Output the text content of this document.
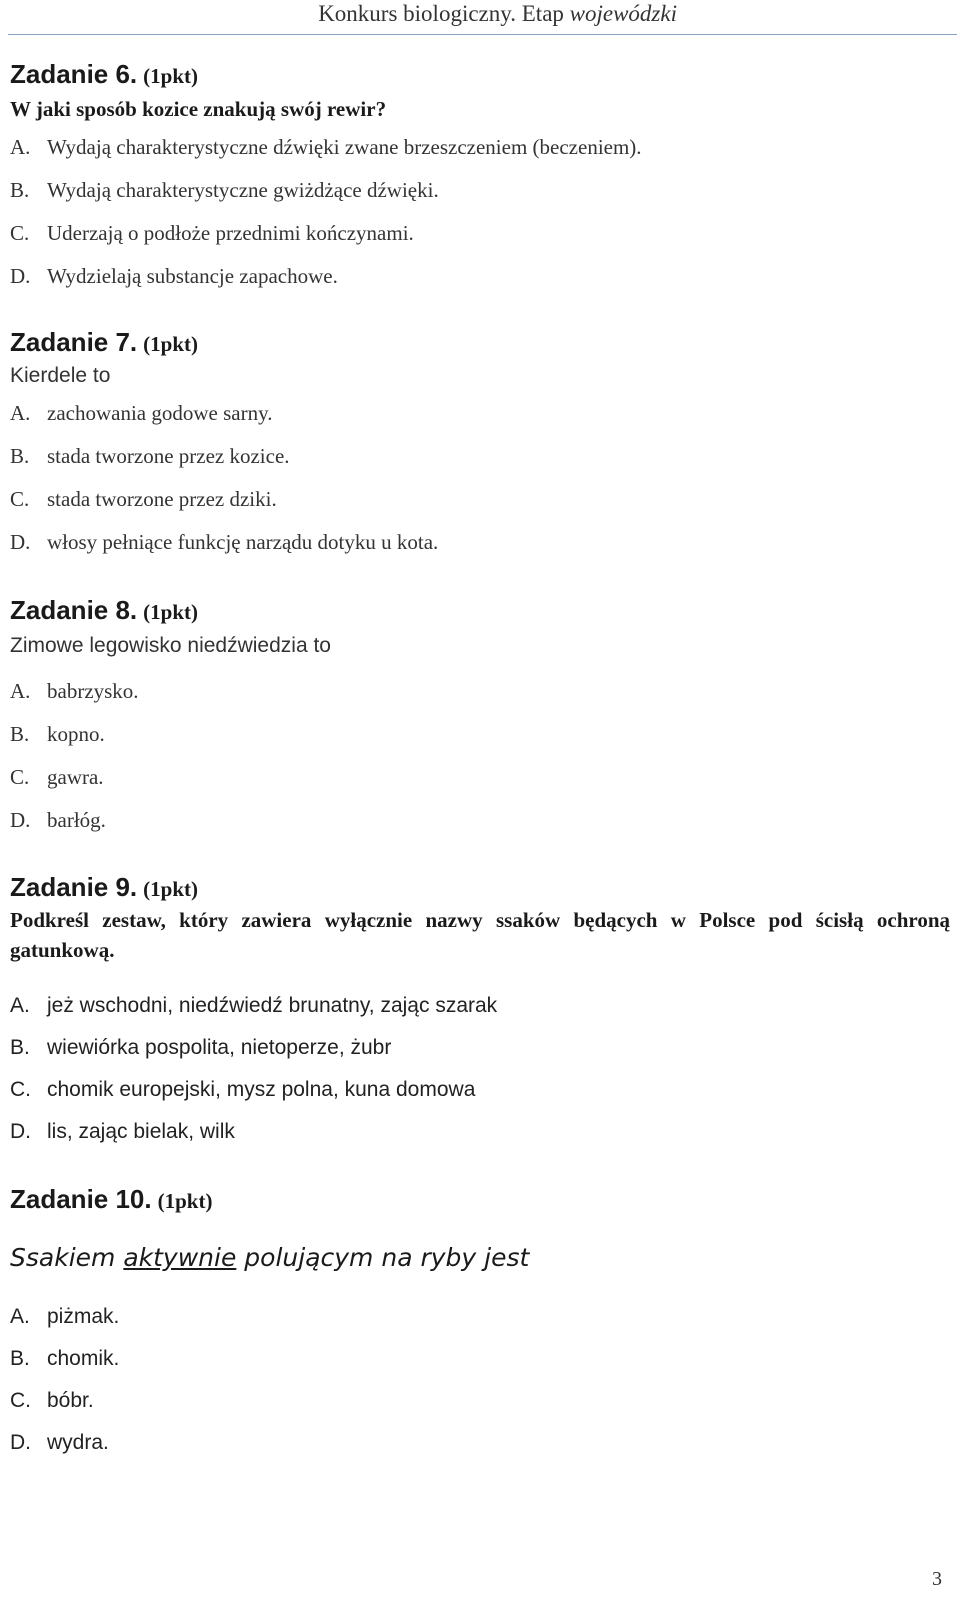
Konkurs biologiczny. Etap wojewódzki
Zadanie 6. (1pkt)

W jaki sposób kozice znakują swój rewir?

A. Wydają charakterystyczne dźwięki zwane brzeszczeniem (beczeniem).
B. Wydają charakterystyczne gwiżdżące dźwięki.
C. Uderzają o podłoże przednimi kończynami.
D. Wydzielają substancje zapachowe.
Zadanie 7. (1pkt)

Kierdele to

A. zachowania godowe sarny.
B. stada tworzone przez kozice.
C. stada tworzone przez dziki.
D. włosy pełniące funkcję narządu dotyku u kota.
Zadanie 8. (1pkt)

Zimowe legowisko niedźwiedzia to

A. babrzysko.
B. kopno.
C. gawra.
D. barłóg.
Zadanie 9. (1pkt)

Podkreśl zestaw, który zawiera wyłącznie nazwy ssaków będących w Polsce pod ścisłą ochroną gatunkową.

A. jeż wschodni, niedźwiedź brunatny, zając szarak
B. wiewiórka pospolita, nietoperze, żubr
C. chomik europejski, mysz polna, kuna domowa
D. lis, zając bielak, wilk
Zadanie 10. (1pkt)

Ssakiem aktywnie polującym na ryby jest

A. piżmak.
B. chomik.
C. bóbr.
D. wydra.
3
